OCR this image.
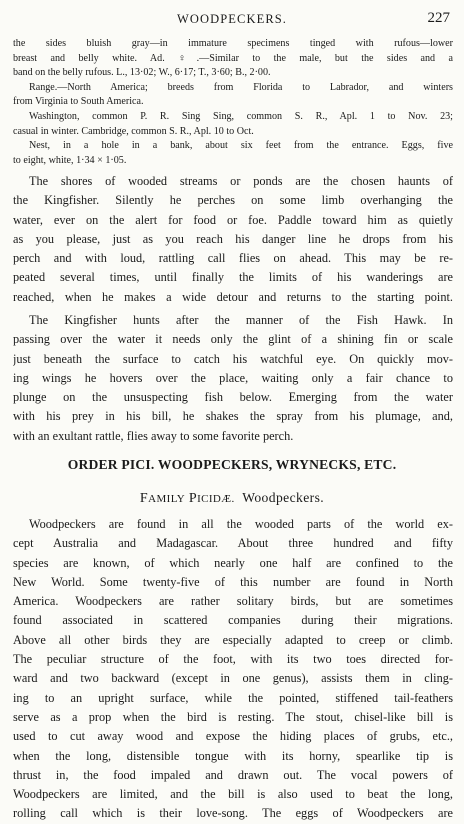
WOODPECKERS.	227
the sides bluish gray—in immature specimens tinged with rufous—lower
breast and belly white. Ad. ♀.—Similar to the male, but the sides and a
band on the belly rufous. L., 13·02; W., 6·17; T., 3·60; B., 2·00.
Range.—North America; breeds from Florida to Labrador, and winters
from Virginia to South America.
Washington, common P. R. Sing Sing, common S. R., Apl. 1 to Nov. 23;
casual in winter. Cambridge, common S. R., Apl. 10 to Oct.
Nest, in a hole in a bank, about six feet from the entrance. Eggs, five
to eight, white, 1·34 × 1·05.
The shores of wooded streams or ponds are the chosen haunts of
the Kingfisher. Silently he perches on some limb overhanging the
water, ever on the alert for food or foe. Paddle toward him as quietly
as you please, just as you reach his danger line he drops from his
perch and with loud, rattling call flies on ahead. This may be re-
peated several times, until finally the limits of his wanderings are
reached, when he makes a wide detour and returns to the starting point.
The Kingfisher hunts after the manner of the Fish Hawk. In
passing over the water it needs only the glint of a shining fin or scale
just beneath the surface to catch his watchful eye. On quickly mov-
ing wings he hovers over the place, waiting only a fair chance to
plunge on the unsuspecting fish below. Emerging from the water
with his prey in his bill, he shakes the spray from his plumage, and,
with an exultant rattle, flies away to some favorite perch.
ORDER PICI. WOODPECKERS, WRYNECKS, ETC.
FAMILY PICIDÆ. Woodpeckers.
Woodpeckers are found in all the wooded parts of the world ex-
cept Australia and Madagascar. About three hundred and fifty
species are known, of which nearly one half are confined to the
New World. Some twenty-five of this number are found in North
America. Woodpeckers are rather solitary birds, but are sometimes
found associated in scattered companies during their migrations.
Above all other birds they are especially adapted to creep or climb.
The peculiar structure of the foot, with its two toes directed for-
ward and two backward (except in one genus), assists them in cling-
ing to an upright surface, while the pointed, stiffened tail-feathers
serve as a prop when the bird is resting. The stout, chisel-like bill is
used to cut away wood and expose the hiding places of grubs, etc.,
when the long, distensible tongue with its horny, spearlike tip is
thrust in, the food impaled and drawn out. The vocal powers of
Woodpeckers are limited, and the bill is also used to beat the long,
rolling call which is their love-song. The eggs of Woodpeckers are
